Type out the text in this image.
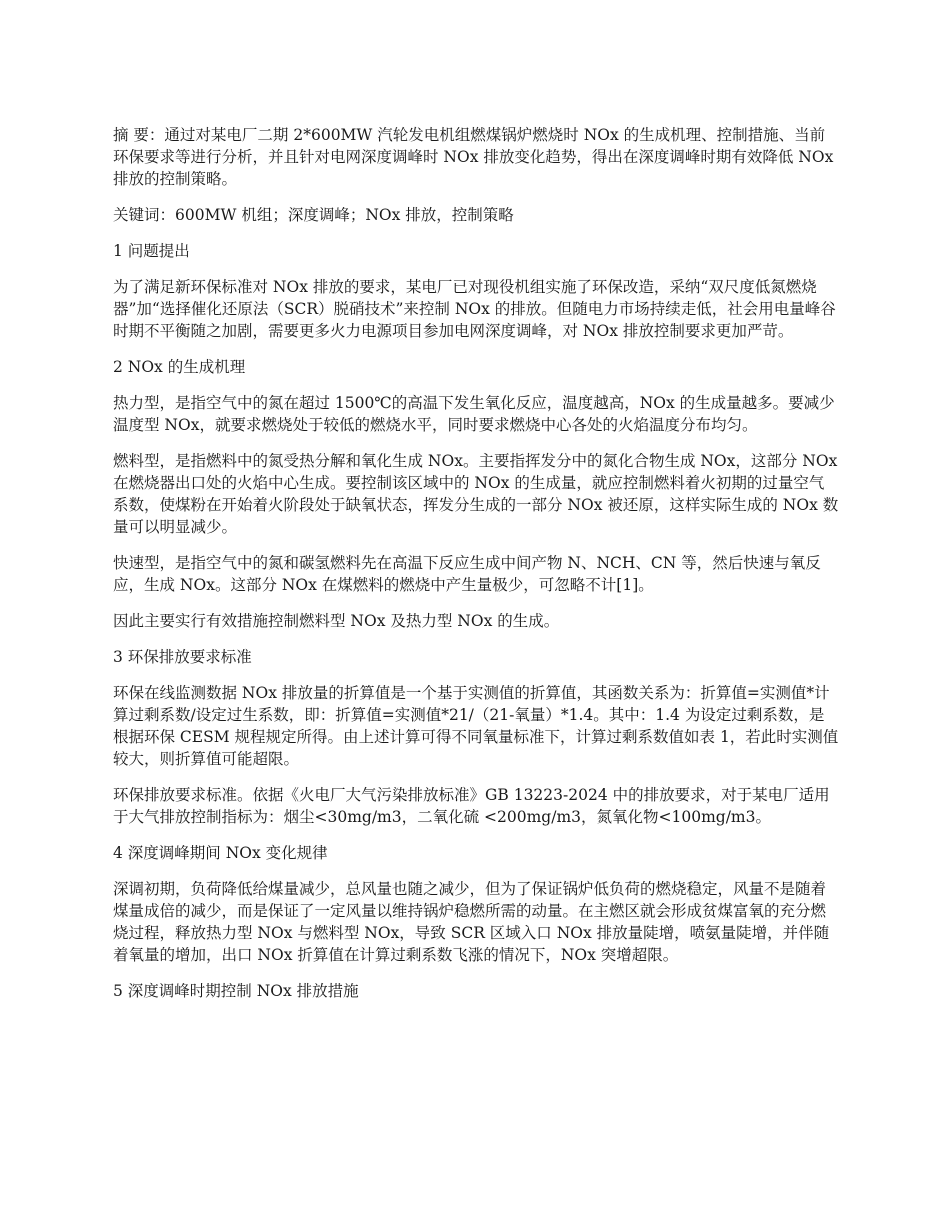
摘 要：通过对某电厂二期 2*600MW 汽轮发电机组燃煤锅炉燃烧时 NOx 的生成机理、控制措施、当前环保要求等进行分析，并且针对电网深度调峰时 NOx 排放变化趋势，得出在深度调峰时期有效降低 NOx 排放的控制策略。

关键词：600MW 机组；深度调峰；NOx 排放，控制策略

1 问题提出

为了满足新环保标准对 NOx 排放的要求，某电厂已对现役机组实施了环保改造，采纳“双尺度低氮燃烧器”加“选择催化还原法（SCR）脱硝技术”来控制 NOx 的排放。但随电力市场持续走低，社会用电量峰谷时期不平衡随之加剧，需要更多火力电源项目参加电网深度调峰，对 NOx 排放控制要求更加严苛。

2 NOx 的生成机理

热力型，是指空气中的氮在超过 1500℃的高温下发生氧化反应，温度越高，NOx 的生成量越多。要减少温度型 NOx，就要求燃烧处于较低的燃烧水平，同时要求燃烧中心各处的火焰温度分布均匀。

燃料型，是指燃料中的氮受热分解和氧化生成 NOx。主要指挥发分中的氮化合物生成 NOx，这部分 NOx 在燃烧器出口处的火焰中心生成。要控制该区域中的 NOx 的生成量，就应控制燃料着火初期的过量空气系数，使煤粉在开始着火阶段处于缺氧状态，挥发分生成的一部分 NOx 被还原，这样实际生成的 NOx 数量可以明显减少。

快速型，是指空气中的氮和碳氢燃料先在高温下反应生成中间产物 N、NCH、CN 等，然后快速与氧反应，生成 NOx。这部分 NOx 在煤燃料的燃烧中产生量极少，可忽略不计[1]。

因此主要实行有效措施控制燃料型 NOx 及热力型 NOx 的生成。

3 环保排放要求标准

环保在线监测数据 NOx 排放量的折算值是一个基于实测值的折算值，其函数关系为：折算值=实测值*计算过剩系数/设定过生系数，即：折算值=实测值*21/（21-氧量）*1.4。其中：1.4 为设定过剩系数，是根据环保 CESM 规程规定所得。由上述计算可得不同氧量标准下，计算过剩系数值如表 1，若此时实测值较大，则折算值可能超限。

环保排放要求标准。依据《火电厂大气污染排放标准》GB 13223-2024 中的排放要求，对于某电厂适用于大气排放控制指标为：烟尘<30mg/m3，二氧化硫 <200mg/m3，氮氧化物<100mg/m3。

4 深度调峰期间 NOx 变化规律

深调初期，负荷降低给煤量减少，总风量也随之减少，但为了保证锅炉低负荷的燃烧稳定，风量不是随着煤量成倍的减少，而是保证了一定风量以维持锅炉稳燃所需的动量。在主燃区就会形成贫煤富氧的充分燃烧过程，释放热力型 NOx 与燃料型 NOx，导致 SCR 区域入口 NOx 排放量陡增，喷氨量陡增，并伴随着氧量的增加，出口 NOx 折算值在计算过剩系数飞涨的情况下，NOx 突增超限。

5 深度调峰时期控制 NOx 排放措施
